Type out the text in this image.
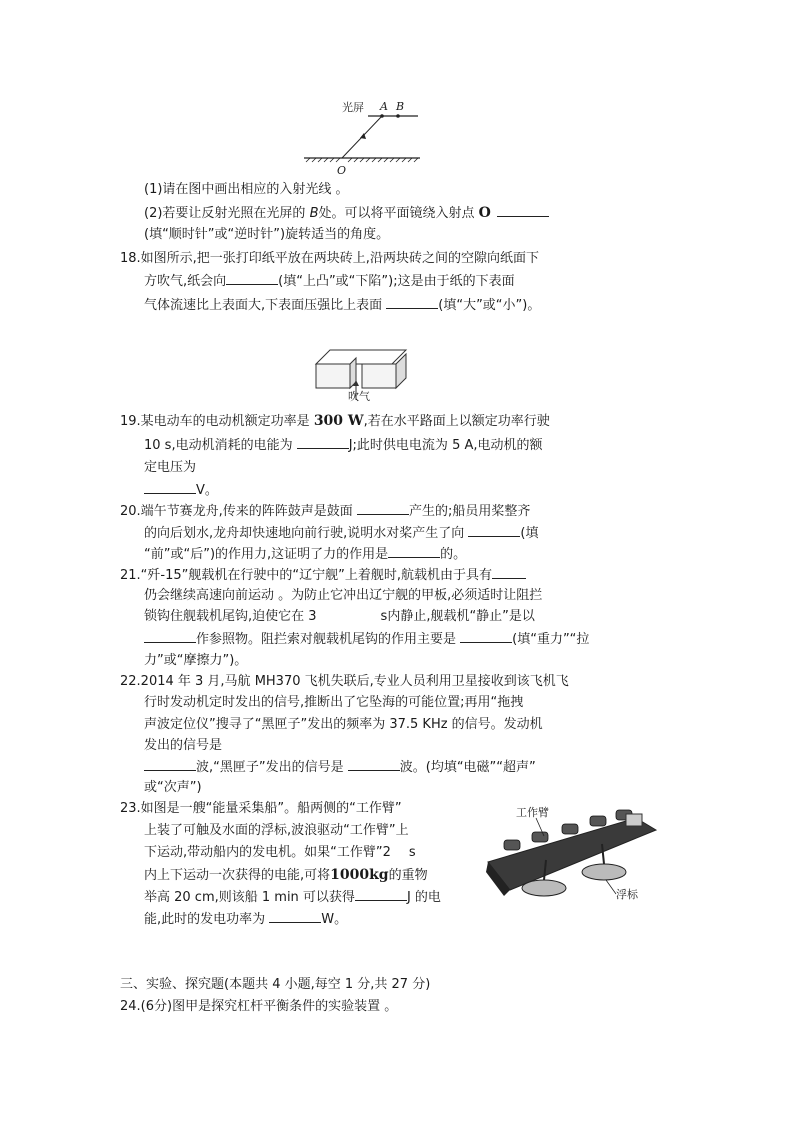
光屏 A B
O
(1)请在图中画出相应的入射光线 。
(2)若要让反射光照在光屏的 B处。可以将平面镜绕入射点 O
(填“顺时针”或“逆时针”)旋转适当的角度。
18.如图所示,把一张打印纸平放在两块砖上,沿两块砖之间的空隙向纸面下
方吹气,纸会向	(填“上凸”或“下陷”);这是由于纸的下表面
气体流速比上表面大,下表面压强比上表面	(填“大”或“小”)。
吹气
19.某电动车的电动机额定功率是 300 W,若在水平路面上以额定功率行驶
10 s,电动机消耗的电能为	J;此时供电电流为 5 A,电动机的额
定电压为
V。
20.端午节赛龙舟,传来的阵阵鼓声是鼓面	产生的;船员用桨整齐
的向后划水,龙舟却快速地向前行驶,说明水对桨产生了向	(填
“前”或“后”)的作用力,这证明了力的作用是	的。
21.“歼-15”舰载机在行驶中的“辽宁舰”上着舰时,航载机由于具有
仍会继续高速向前运动 。为防止它冲出辽宁舰的甲板,必须适时让阻拦
锁钩住舰载机尾钩,迫使它在 3	s内静止,舰载机“静止”是以
作参照物。阻拦索对舰载机尾钩的作用主要是	(填“重力”“拉
力”或“摩擦力”)。
22.2014 年 3 月,马航 MH370 飞机失联后,专业人员利用卫星接收到该飞机飞
行时发动机定时发出的信号,推断出了它坠海的可能位置;再用“拖拽
声波定位仪”搜寻了“黑匣子”发出的频率为 37.5 KHz 的信号。发动机
发出的信号是
波,“黑匣子”发出的信号是	波。(均填“电磁”“超声”
或“次声”)
23.如图是一艘“能量采集船”。船两侧的“工作臂”
上装了可触及水面的浮标,波浪驱动“工作臂”上
下运动,带动船内的发电机。如果“工作臂”2 s
内上下运动一次获得的电能,可将1000kg的重物
举高 20 cm,则该船 1 min 可以获得	J 的电
能,此时的发电功率为	W。
工作臂
浮标
三、实验、探究题(本题共 4 小题,每空 1 分,共 27 分)
24.(6分)图甲是探究杠杆平衡条件的实验装置 。
